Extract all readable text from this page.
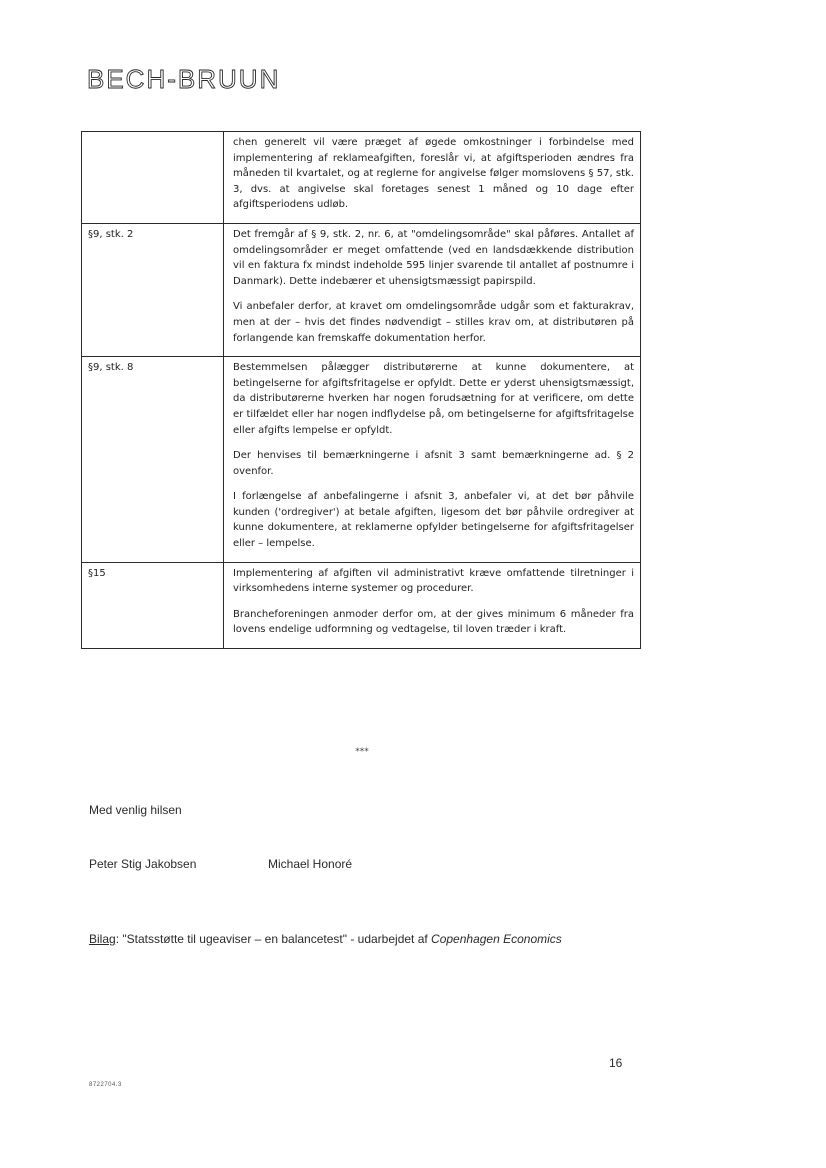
BECH-BRUUN

	chen generelt vil være præget af øgede omkostninger i forbindelse med implementering af reklameafgiften, foreslår vi, at afgiftsperioden ændres fra måneden til kvartalet, og at reglerne for angivelse følger momslovens § 57, stk. 3, dvs. at angivelse skal foretages senest 1 måned og 10 dage efter afgiftsperiodens udløb.

§9, stk. 2	Det fremgår af § 9, stk. 2, nr. 6, at "omdelingsområde" skal påføres. Antallet af omdelingsområder er meget omfattende (ved en landsdækkende distribution vil en faktura fx mindst indeholde 595 linjer svarende til antallet af postnumre i Danmark). Dette indebærer et uhensigtsmæssigt papirspild.

Vi anbefaler derfor, at kravet om omdelingsområde udgår som et fakturakrav, men at der – hvis det findes nødvendigt – stilles krav om, at distributøren på forlangende kan fremskaffe dokumentation herfor.

§9, stk. 8	Bestemmelsen pålægger distributørerne at kunne dokumentere, at betingelserne for afgiftsfritagelse er opfyldt. Dette er yderst uhensigtsmæssigt, da distributørerne hverken har nogen forudsætning for at verificere, om dette er tilfældet eller har nogen indflydelse på, om betingelserne for afgiftsfritagelse eller afgifts lempelse er opfyldt.

Der henvises til bemærkningerne i afsnit 3 samt bemærkningerne ad. § 2 ovenfor.

I forlængelse af anbefalingerne i afsnit 3, anbefaler vi, at det bør påhvile kunden ('ordregiver') at betale afgiften, ligesom det bør påhvile ordregiver at kunne dokumentere, at reklamerne opfylder betingelserne for afgiftsfritagelser eller – lempelse.

§15	Implementering af afgiften vil administrativt kræve omfattende tilretninger i virksomhedens interne systemer og procedurer.

Brancheforeningen anmoder derfor om, at der gives minimum 6 måneder fra lovens endelige udformning og vedtagelse, til loven træder i kraft.

***
Med venlig hilsen
Peter Stig Jakobsen	Michael Honoré
Bilag: "Statsstøtte til ugeaviser – en balancetest" - udarbejdet af Copenhagen Economics
16
8722704.3
